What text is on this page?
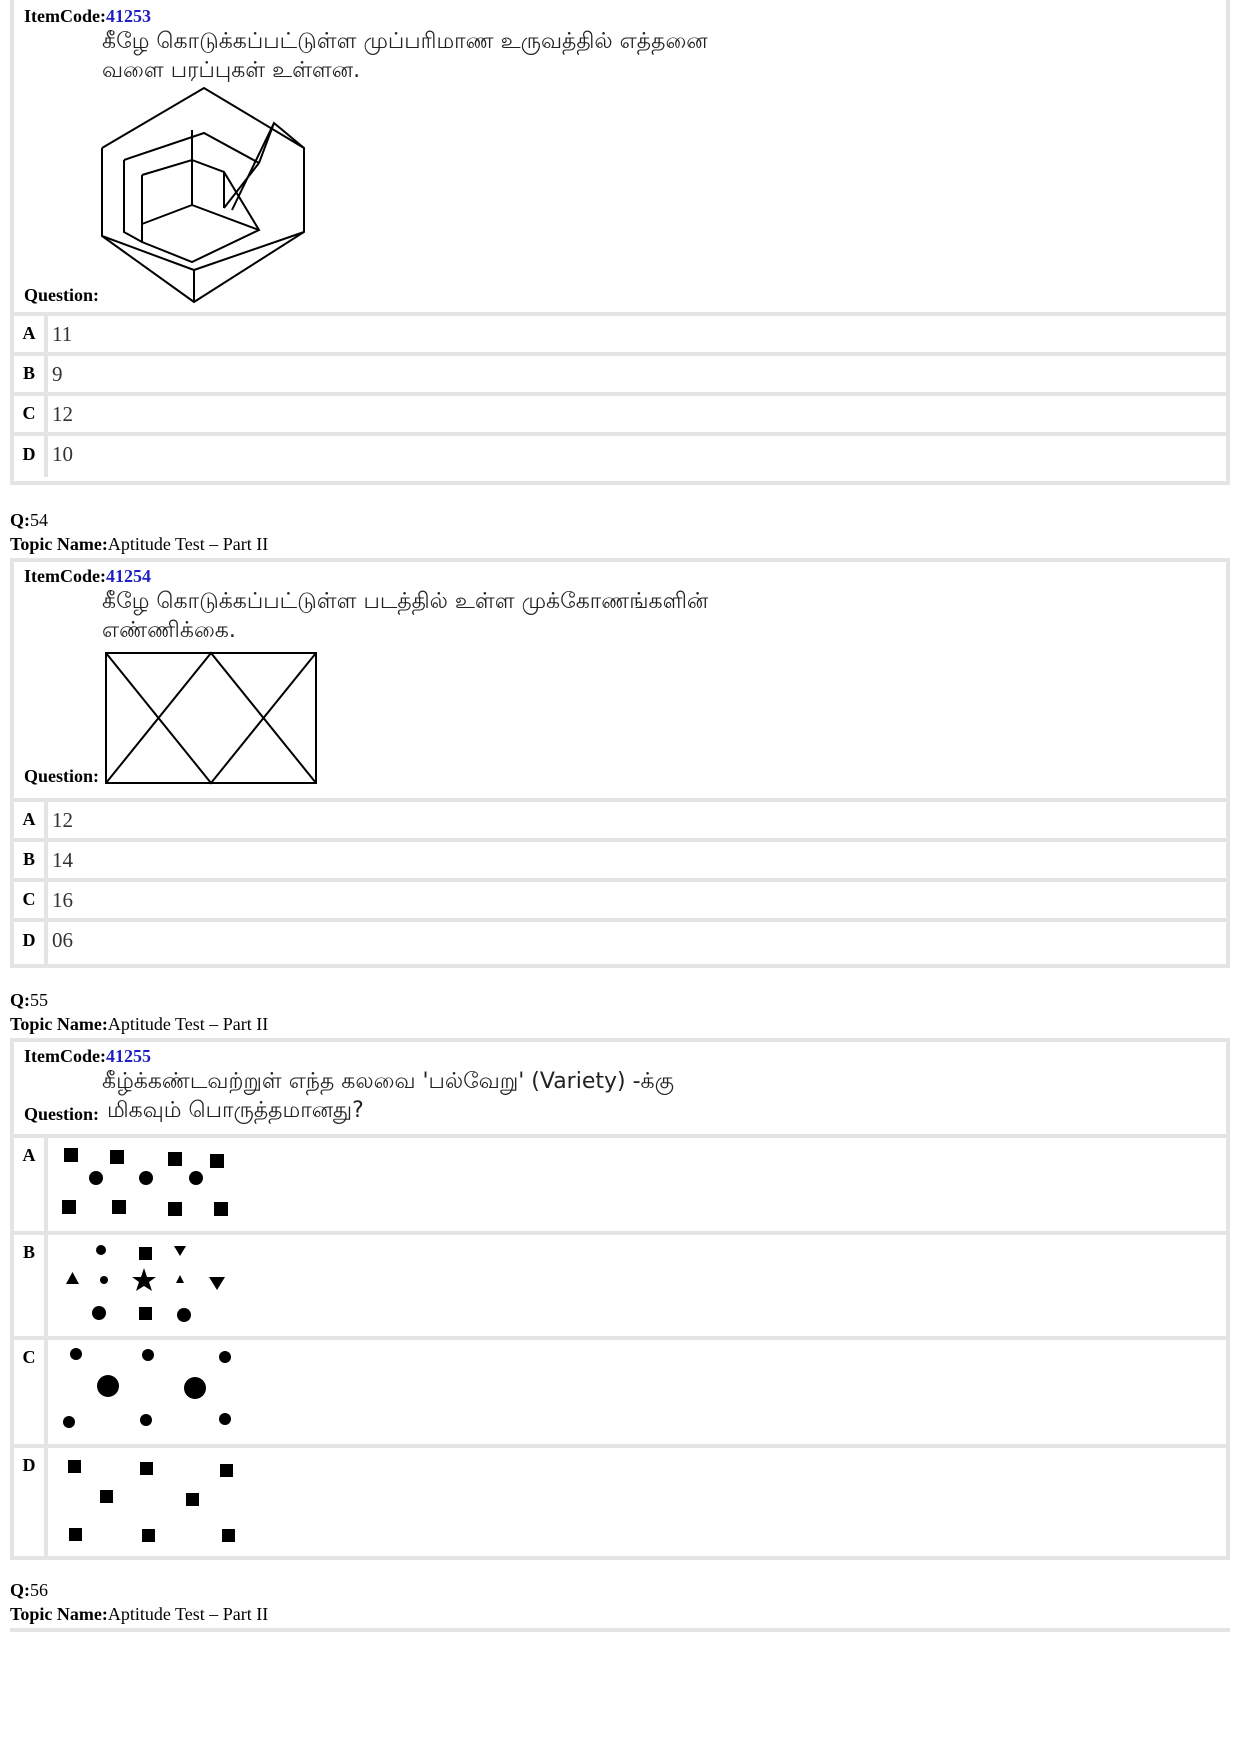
ItemCode:41253
கீழே கொடுக்கப்பட்டுள்ள முப்பரிமாண உருவத்தில் எத்தனை
வளை பரப்புகள் உள்ளன.
Question:
A 11
B 9
C 12
D 10
Q:54
Topic Name:Aptitude Test – Part II
ItemCode:41254
கீழே கொடுக்கப்பட்டுள்ள படத்தில் உள்ள முக்கோணங்களின்
எண்ணிக்கை.
Question:
A 12
B 14
C 16
D 06
Q:55
Topic Name:Aptitude Test – Part II
ItemCode:41255
கீழ்க்கண்டவற்றுள் எந்த கலவை 'பல்வேறு' (Variety) -க்கு
Question: மிகவும் பொருத்தமானது?
A
B
C
D
Q:56
Topic Name:Aptitude Test – Part II
